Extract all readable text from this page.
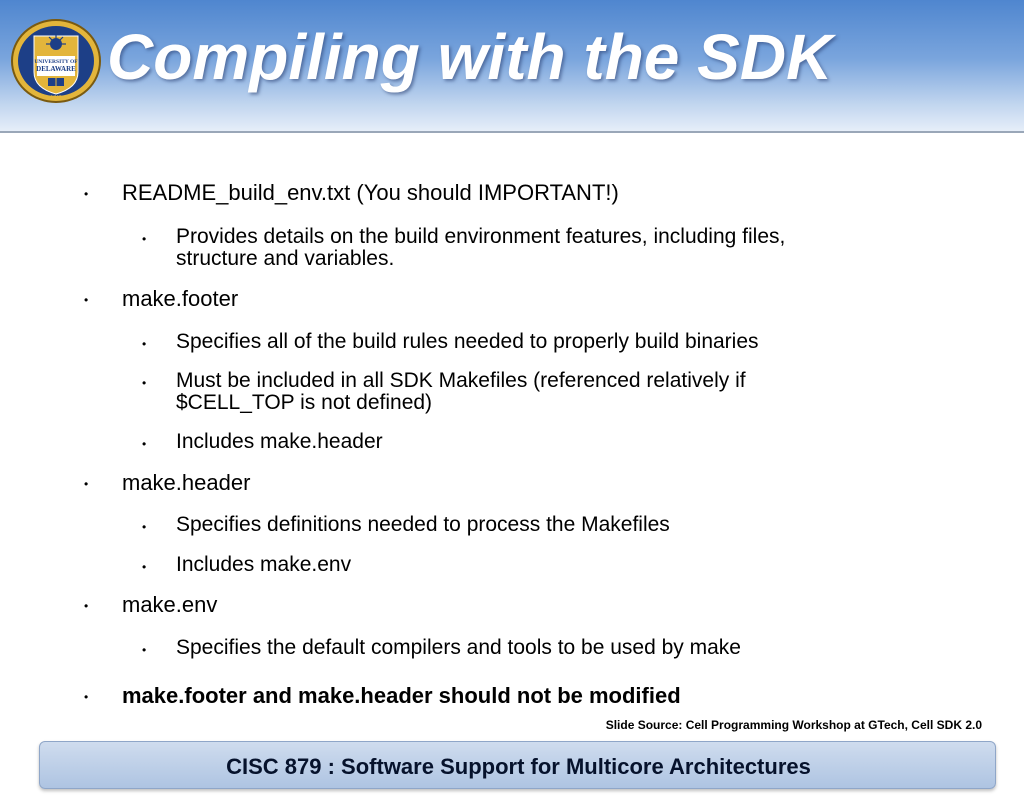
UNIVERSITY OF
DELAWARE
1743
Compiling with the SDK
• README_build_env.txt (You should IMPORTANT!)
• Provides details on the build environment features, including files,
structure and variables.
• make.footer
• Specifies all of the build rules needed to properly build binaries
• Must be included in all SDK Makefiles (referenced relatively if
$CELL_TOP is not defined)
• Includes make.header
• make.header
• Specifies definitions needed to process the Makefiles
• Includes make.env
• make.env
• Specifies the default compilers and tools to be used by make
• make.footer and make.header should not be modified
Slide Source: Cell Programming Workshop at GTech, Cell SDK 2.0
CISC 879 : Software Support for Multicore Architectures
